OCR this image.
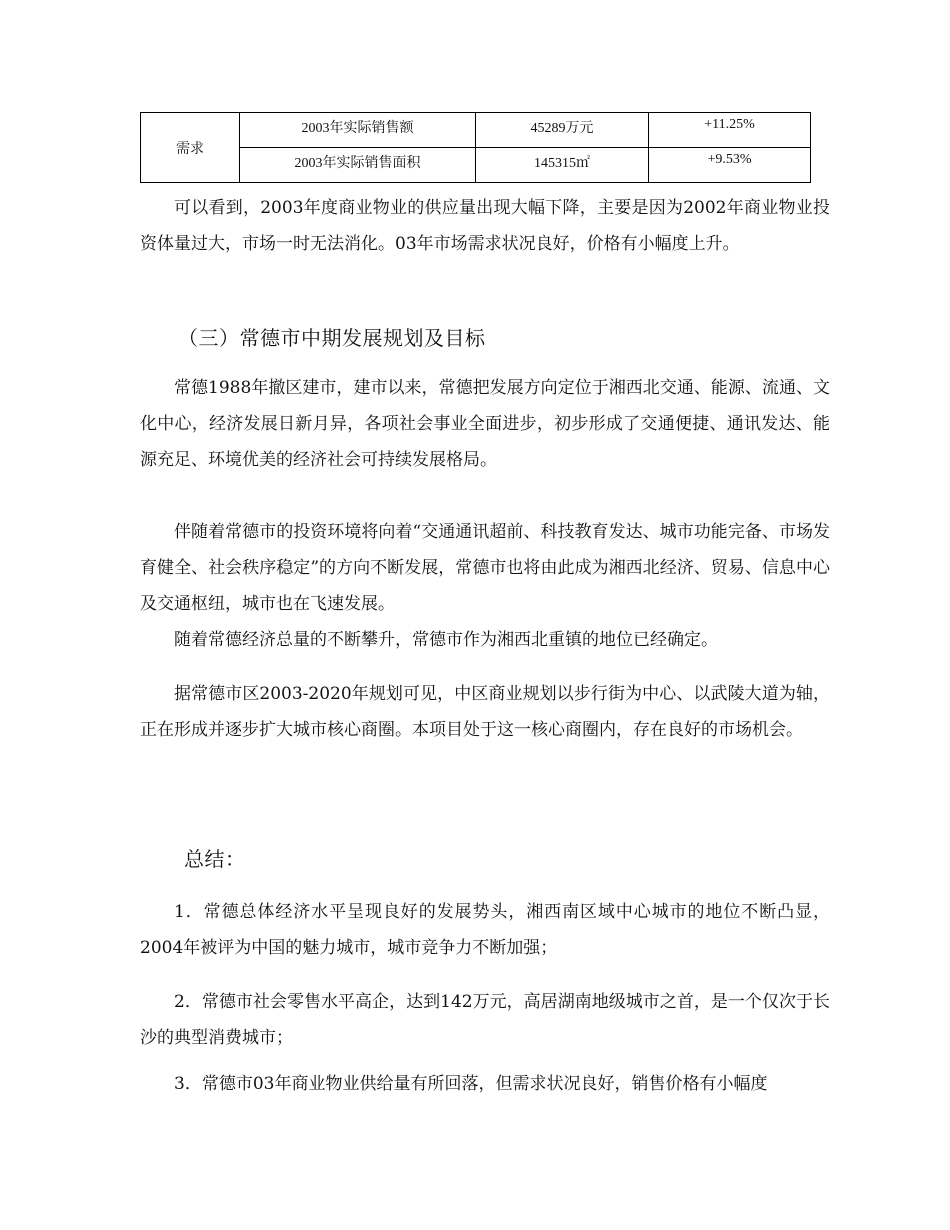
需求	2003年实际销售额	45289万元	+11.25%
	2003年实际销售面积	145315㎡	+9.53%

可以看到，2003年度商业物业的供应量出现大幅下降，主要是因为2002年商业物业投资体量过大，市场一时无法消化。03年市场需求状况良好，价格有小幅度上升。

（三）常德市中期发展规划及目标

常德1988年撤区建市，建市以来，常德把发展方向定位于湘西北交通、能源、流通、文化中心，经济发展日新月异，各项社会事业全面进步，初步形成了交通便捷、通讯发达、能源充足、环境优美的经济社会可持续发展格局。

伴随着常德市的投资环境将向着“交通通讯超前、科技教育发达、城市功能完备、市场发育健全、社会秩序稳定”的方向不断发展，常德市也将由此成为湘西北经济、贸易、信息中心及交通枢纽，城市也在飞速发展。

随着常德经济总量的不断攀升，常德市作为湘西北重镇的地位已经确定。

据常德市区2003-2020年规划可见，中区商业规划以步行街为中心、以武陵大道为轴，正在形成并逐步扩大城市核心商圈。本项目处于这一核心商圈内，存在良好的市场机会。

总结：

1．常德总体经济水平呈现良好的发展势头，湘西南区域中心城市的地位不断凸显，2004年被评为中国的魅力城市，城市竞争力不断加强；

2．常德市社会零售水平高企，达到142万元，高居湖南地级城市之首，是一个仅次于长沙的典型消费城市；

3．常德市03年商业物业供给量有所回落，但需求状况良好，销售价格有小幅度
